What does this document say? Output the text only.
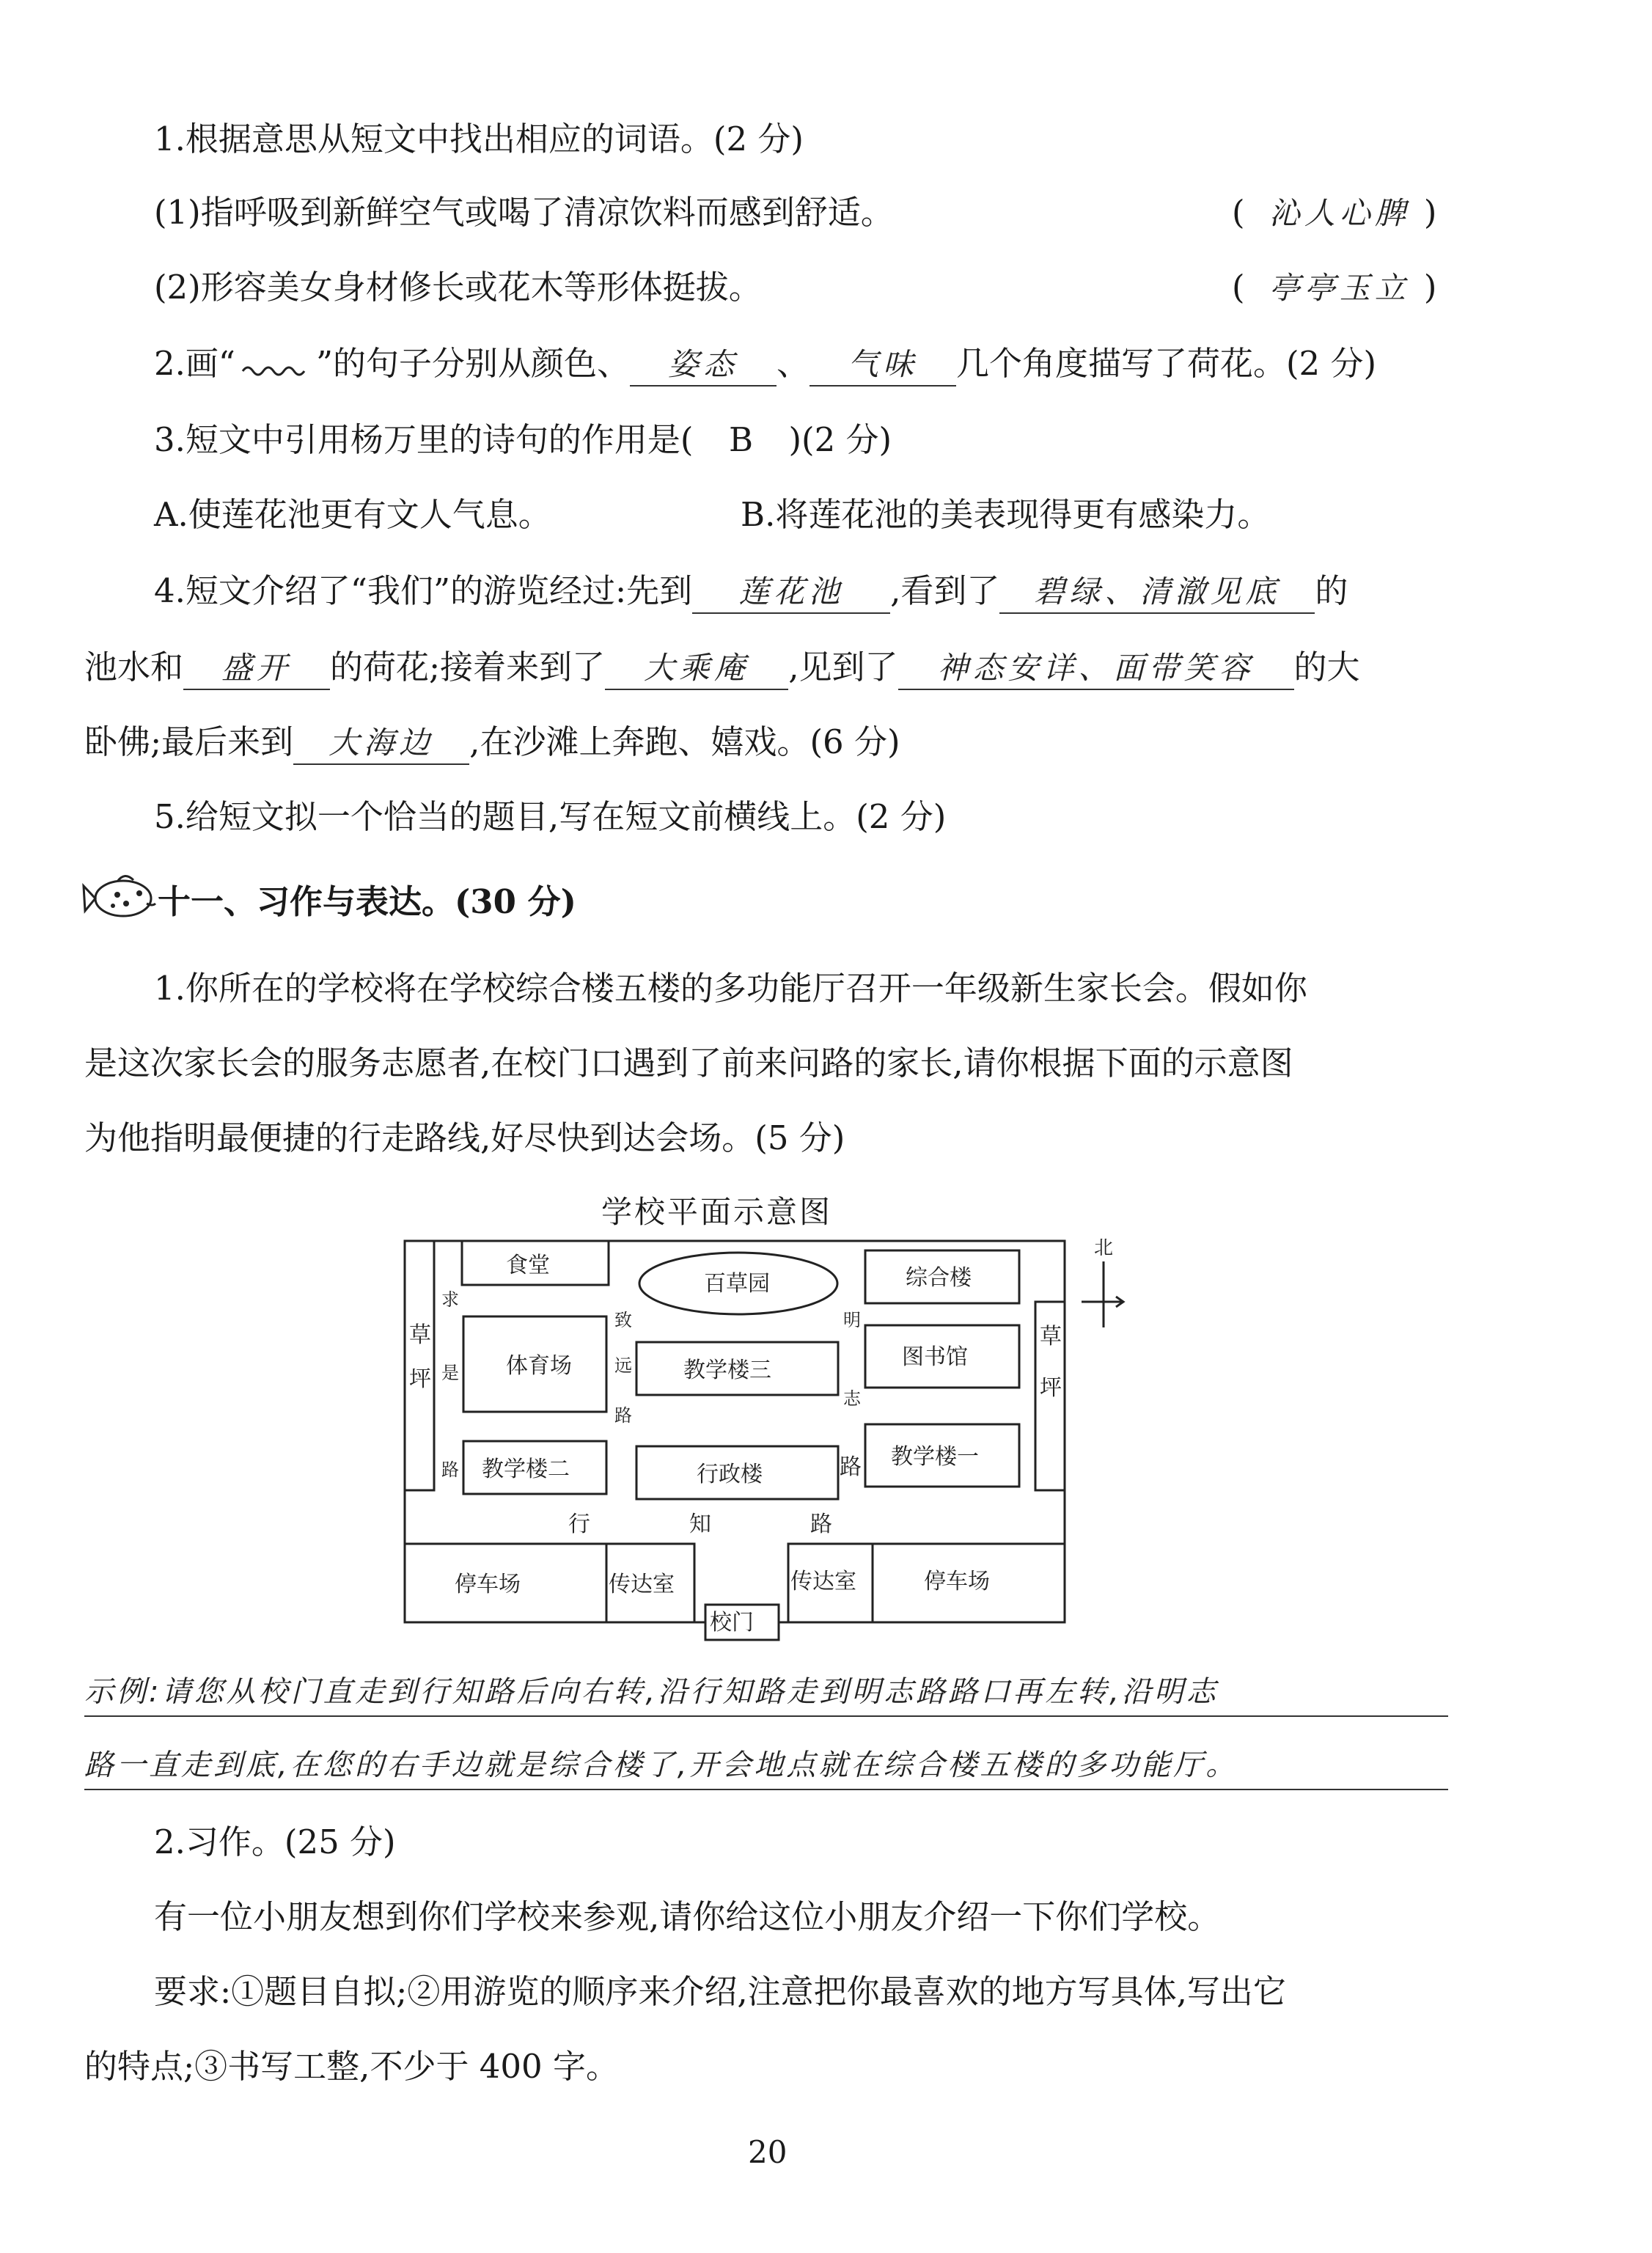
1.根据意思从短文中找出相应的词语。(2 分)
(1)指呼吸到新鲜空气或喝了清凉饮料而感到舒适。	( 沁人心脾 )
(2)形容美女身材修长或花木等形体挺拔。	( 亭亭玉立 )
2.画“ ”的句子分别从颜色、 姿态 、 气味 几个角度描写了荷花。(2 分)
3.短文中引用杨万里的诗句的作用是( B )(2 分)
A.使莲花池更有文人气息。	B.将莲花池的美表现得更有感染力。
4.短文介绍了“我们”的游览经过:先到 莲花池 ,看到了 碧绿、清澈见底 的
池水和 盛开 的荷花;接着来到了 大乘庵 ,见到了 神态安详、面带笑容 的大
卧佛;最后来到 大海边 ,在沙滩上奔跑、嬉戏。(6 分)
5.给短文拟一个恰当的题目,写在短文前横线上。(2 分)
十一、习作与表达。(30 分)
1.你所在的学校将在学校综合楼五楼的多功能厅召开一年级新生家长会。假如你
是这次家长会的服务志愿者,在校门口遇到了前来问路的家长,请你根据下面的示意图
为他指明最便捷的行走路线,好尽快到达会场。(5 分)
学校平面示意图
食堂
百草园	综合楼
草
坪
草
坪
体育场	教学楼三
图书馆
教学楼二	行政楼
教学楼一
停车场	传达室	传达室	停车场
校门
求
是
路
致
远
路
明
志
路
行	知	路
北
示例:请您从校门直走到行知路后向右转,沿行知路走到明志路路口再左转,沿明志
路一直走到底,在您的右手边就是综合楼了,开会地点就在综合楼五楼的多功能厅。
2.习作。(25 分)
有一位小朋友想到你们学校来参观,请你给这位小朋友介绍一下你们学校。
要求:①题目自拟;②用游览的顺序来介绍,注意把你最喜欢的地方写具体,写出它
的特点;③书写工整,不少于 400 字。
20
